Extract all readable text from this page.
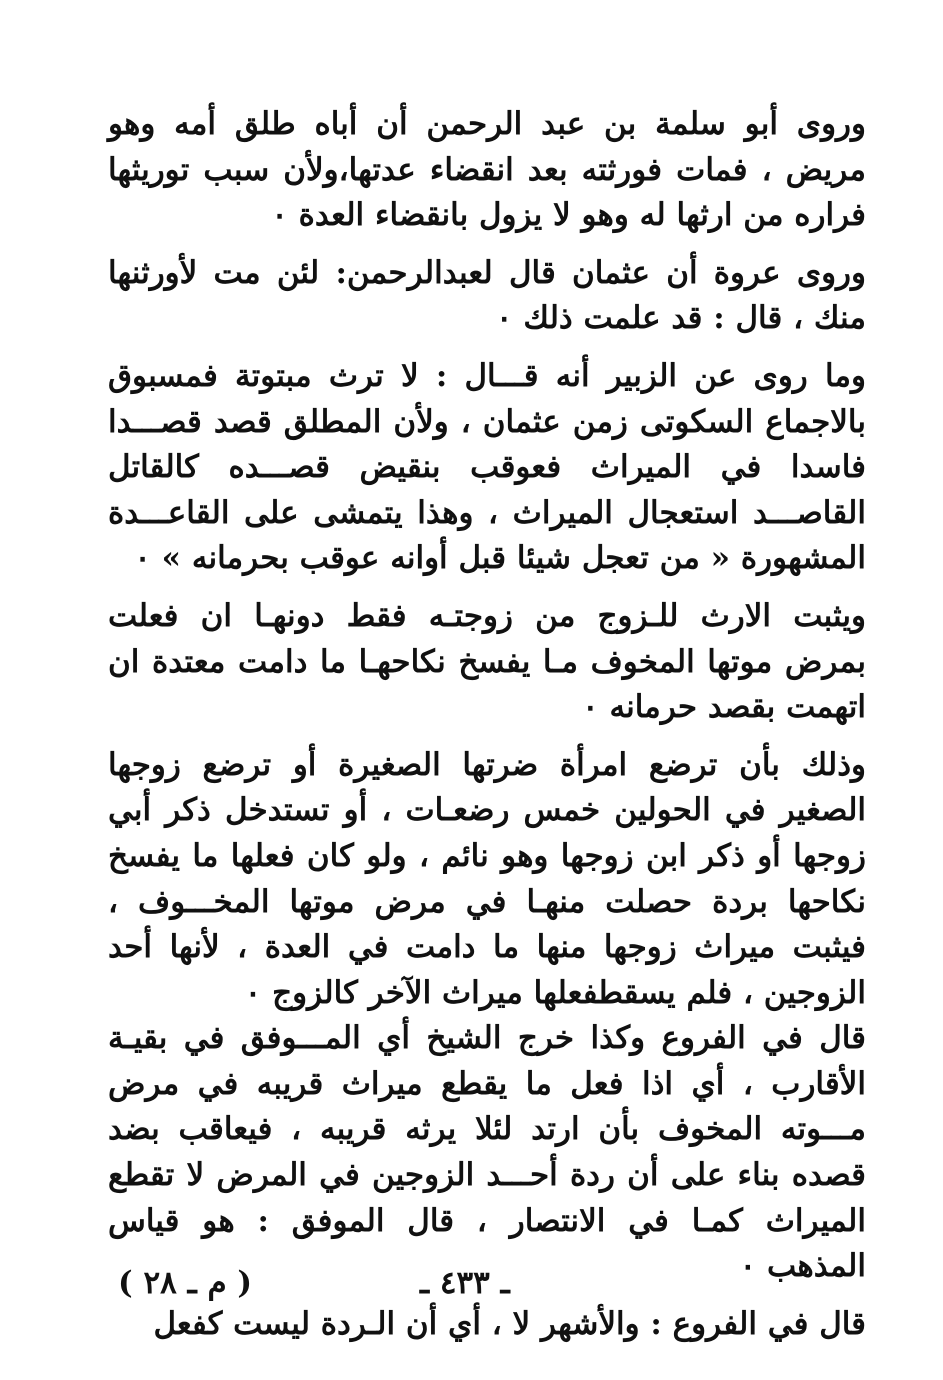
وروى أبو سلمة بن عبد الرحمن أن أباه طلق أمه وهو مريض ، فمات فورثته بعد انقضاء عدتها،ولأن سبب توريثها فراره من ارثها له وهو لا يزول بانقضاء العدة ٠

وروى عروة أن عثمان قال لعبدالرحمن: لئن مت لأورثنها منك ، قال : قد علمت ذلك ٠

وما روى عن الزبير أنه قـــال : لا ترث مبتوتة فمسبوق بالاجماع السكوتى زمن عثمان ، ولأن المطلق قصد قصـــدا فاسدا في الميراث فعوقب بنقيض قصـــده كالقاتل القاصـــد استعجال الميراث ، وهذا يتمشى على القاعـــدة المشهورة « من تعجل شيئا قبل أوانه عوقب بحرمانه » ٠

ويثبت الارث للـزوج من زوجتـه فقط دونهـا ان فعلت بمرض موتها المخوف مـا يفسخ نكاحهـا ما دامت معتدة ان اتهمت بقصد حرمانه ٠

وذلك بأن ترضع امرأة ضرتها الصغيرة أو ترضع زوجها الصغير في الحولين خمس رضعـات ، أو تستدخل ذكر أبي زوجها أو ذكر ابن زوجها وهو نائم ، ولو كان فعلها ما يفسخ نكاحها بردة حصلت منهـا في مرض موتها المخـــوف ، فيثبت ميراث زوجها منها ما دامت في العدة ، لأنها أحد الزوجين ، فلم يسقطفعلها ميراث الآخر كالزوج ٠

قال في الفروع وكذا خرج الشيخ أي المـــوفق في بقيـة الأقارب ، أي اذا فعل ما يقطع ميراث قريبه في مرض مـــوته المخوف بأن ارتد لئلا يرثه قريبه ، فيعاقب بضد قصده بناء على أن ردة أحـــد الزوجين في المرض لا تقطع الميراث كمـا في الانتصار ، قال الموفق : هو قياس المذهب ٠

قال في الفروع : والأشهر لا ، أي أن الـردة ليست كفعل

ـ ٤٣٣ ـ
( م ـ ٢٨ )
